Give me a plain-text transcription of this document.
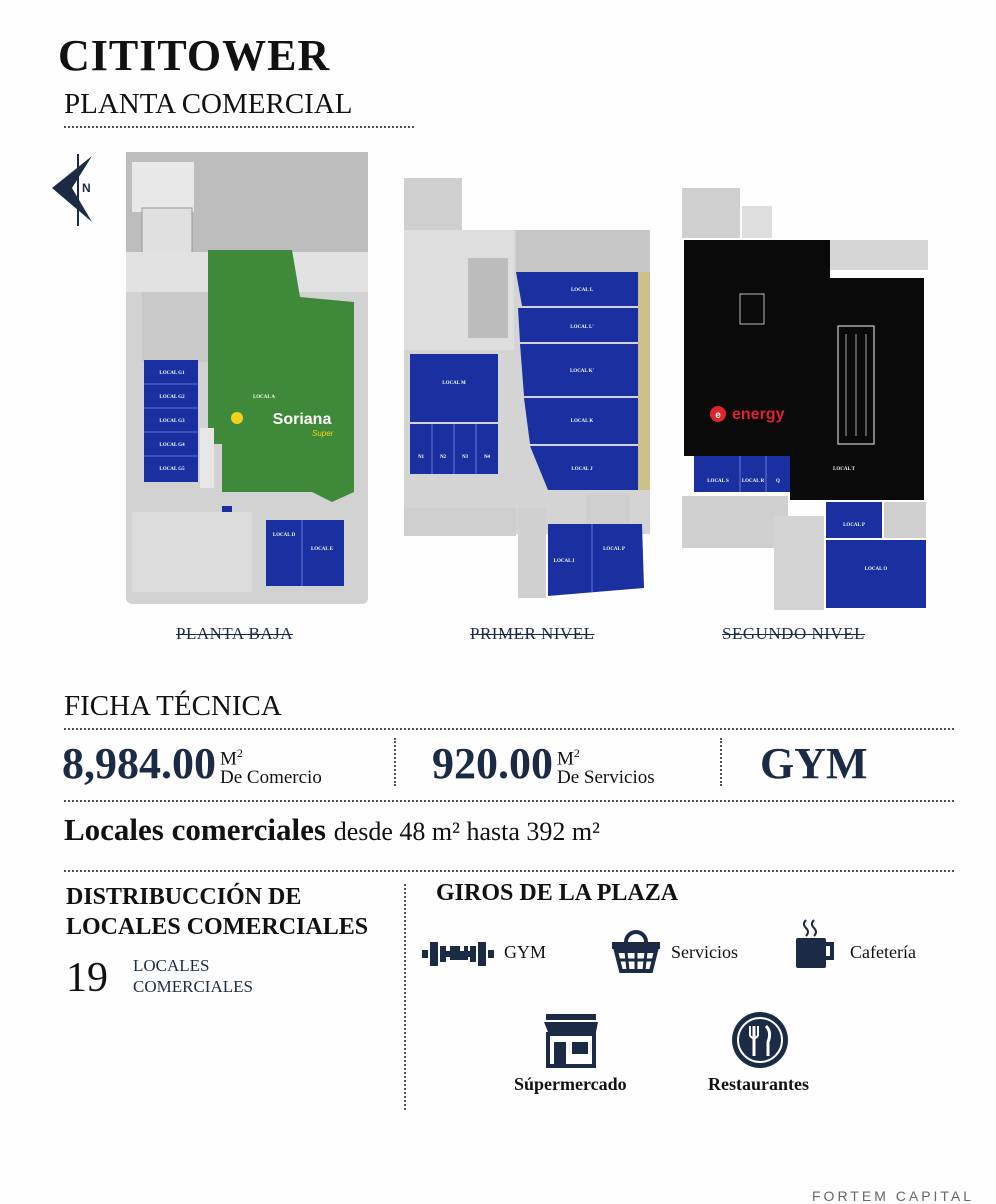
CITITOWER
PLANTA COMERCIAL
N
LOCAL A
Soriana
Super
LOCAL G1
LOCAL G2
LOCAL G3
LOCAL G4
LOCAL G5
LOCAL D
LOCAL E
PLANTA BAJA
LOCAL L
LOCAL L'
LOCAL K'
LOCAL K
LOCAL J
LOCAL M
N1	N2	N3	N4
LOCAL I
LOCAL P
PRIMER NIVEL
e energy
LOCAL T
LOCAL S	LOCAL R Q
LOCAL P
LOCAL O
SEGUNDO NIVEL
FICHA TÉCNICA
8,984.00 $M^2$
De Comercio	920.00 $M^2$
De Servicios GYM
Locales comerciales desde 48 m² hasta 392 m²
DISTRIBUCCIÓN DE
LOCALES COMERCIALES
19 LOCALES
COMERCIALES
GIROS DE LA PLAZA
GYM	Servicios	Cafetería
Súpermercado	Restaurantes
FORTEM CAPITAL
